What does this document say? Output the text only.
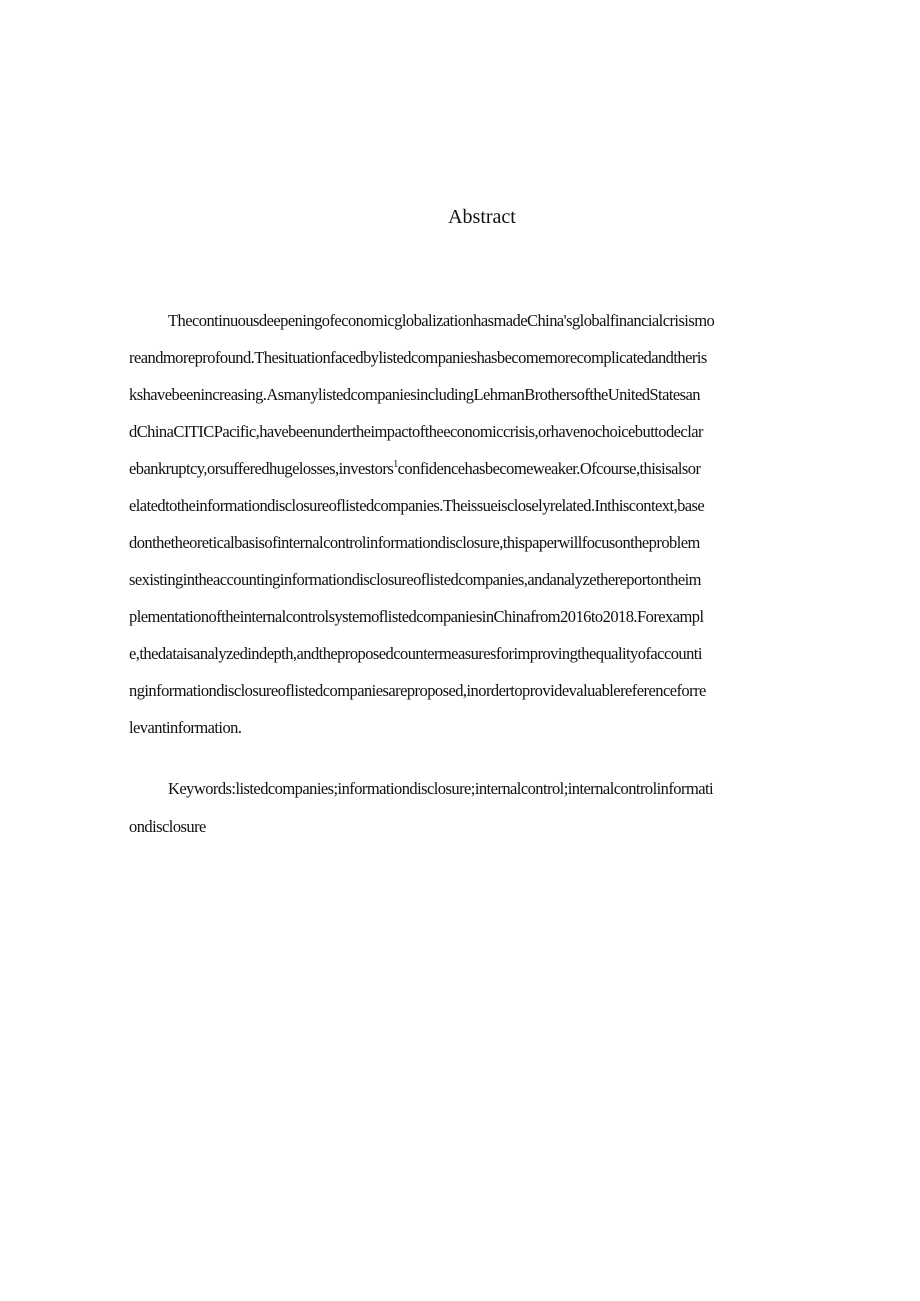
Abstract
ThecontinuousdeepeningofeconomicglobalizationhasmadeChina'sglobalfinancialcrisismo
reandmoreprofound.Thesituationfacedbylistedcompanieshasbecomemorecomplicatedandtheris
kshavebeenincreasing.AsmanylistedcompaniesincludingLehmanBrothersoftheUnitedStatesan
dChinaCITICPacific,havebeenundertheimpactoftheeconomiccrisis,orhavenochoicebuttodeclar
ebankruptcy,orsufferedhugelosses,investors$^1$confidencehasbecomeweaker.Ofcourse,thisisalsor
elatedtotheinformationdisclosureoflistedcompanies.Theissueiscloselyrelated.Inthiscontext,base
donthetheoreticalbasisofinternalcontrolinformationdisclosure,thispaperwillfocusontheproblem
sexistingintheaccountinginformationdisclosureoflistedcompanies,andanalyzethereportontheim
plementationoftheinternalcontrolsystemoflistedcompaniesinChinafrom2016to2018.Forexampl
e,thedataisanalyzedindepth,andtheproposedcountermeasuresforimprovingthequalityofaccounti
nginformationdisclosureoflistedcompaniesareproposed,inordertoprovidevaluablereferenceforre
levantinformation.
Keywords:listedcompanies;informationdisclosure;internalcontrol;internalcontrolinformati
ondisclosure
